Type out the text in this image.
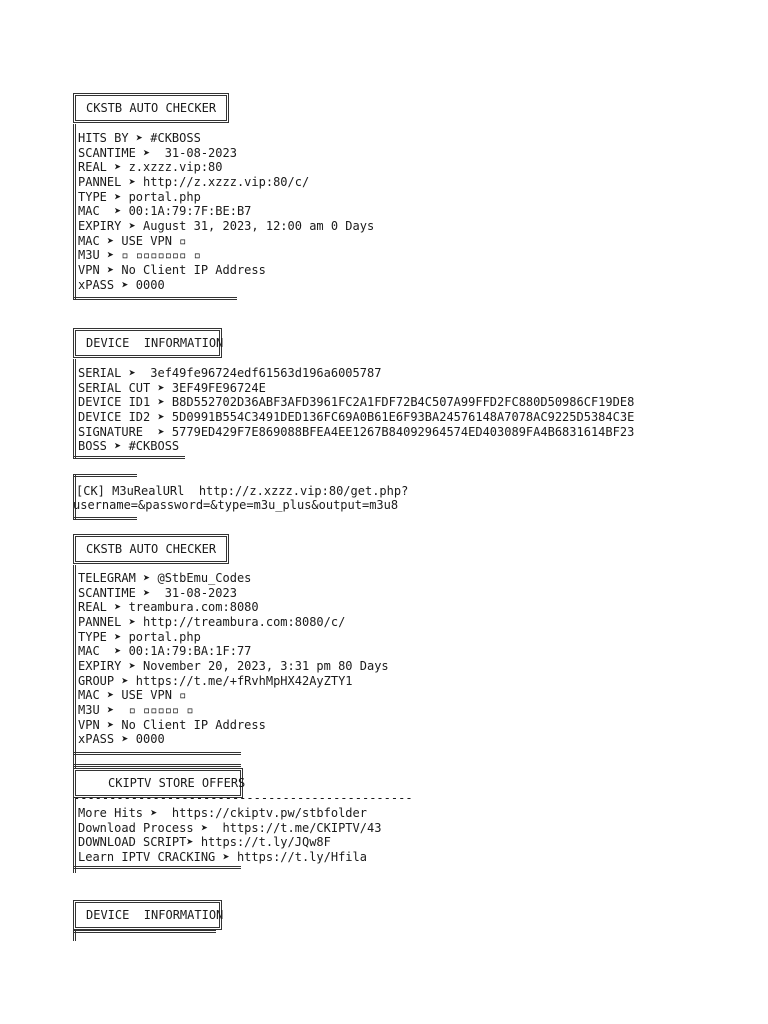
CKSTB AUTO CHECKER
HITS BY ➤ #CKBOSS
SCANTIME ➤  31-08-2023
REAL ➤ z.xzzz.vip:80
PANNEL ➤ http://z.xzzz.vip:80/c/
TYPE ➤ portal.php
MAC  ➤ 00:1A:79:7F:BE:B7
EXPIRY ➤ August 31, 2023, 12:00 am 0 Days
MAC ➤ USE VPN ▫
M3U ➤ ▫ ▫▫▫▫▫▫▫ ▫
VPN ➤ No Client IP Address
xPASS ➤ 0000
DEVICE  INFORMATION
SERIAL ➤  3ef49fe96724edf61563d196a6005787
SERIAL CUT ➤ 3EF49FE96724E
DEVICE ID1 ➤ B8D552702D36ABF3AFD3961FC2A1FDF72B4C507A99FFD2FC880D50986CF19DE8
DEVICE ID2 ➤ 5D0991B554C3491DED136FC69A0B61E6F93BA24576148A7078AC9225D5384C3E
SIGNATURE  ➤ 5779ED429F7E869088BFEA4EE1267B84092964574ED403089FA4B6831614BF23
BOSS ➤ #CKBOSS
[CK] M3uRealURl  http://z.xzzz.vip:80/get.php?
username=&password=&type=m3u_plus&output=m3u8
CKSTB AUTO CHECKER
TELEGRAM ➤ @StbEmu_Codes
SCANTIME ➤  31-08-2023
REAL ➤ treambura.com:8080
PANNEL ➤ http://treambura.com:8080/c/
TYPE ➤ portal.php
MAC  ➤ 00:1A:79:BA:1F:77
EXPIRY ➤ November 20, 2023, 3:31 pm 80 Days
GROUP ➤ https://t.me/+fRvhMpHX42AyZTY1
MAC ➤ USE VPN ▫
M3U ➤  ▫ ▫▫▫▫▫ ▫
VPN ➤ No Client IP Address
xPASS ➤ 0000
CKIPTV STORE OFFERS
-----------------------------------------------
More Hits ➤  https://ckiptv.pw/stbfolder
Download Process ➤  https://t.me/CKIPTV/43
DOWNLOAD SCRIPT➤ https://t.ly/JQw8F
Learn IPTV CRACKING ➤ https://t.ly/Hfila
DEVICE  INFORMATION
